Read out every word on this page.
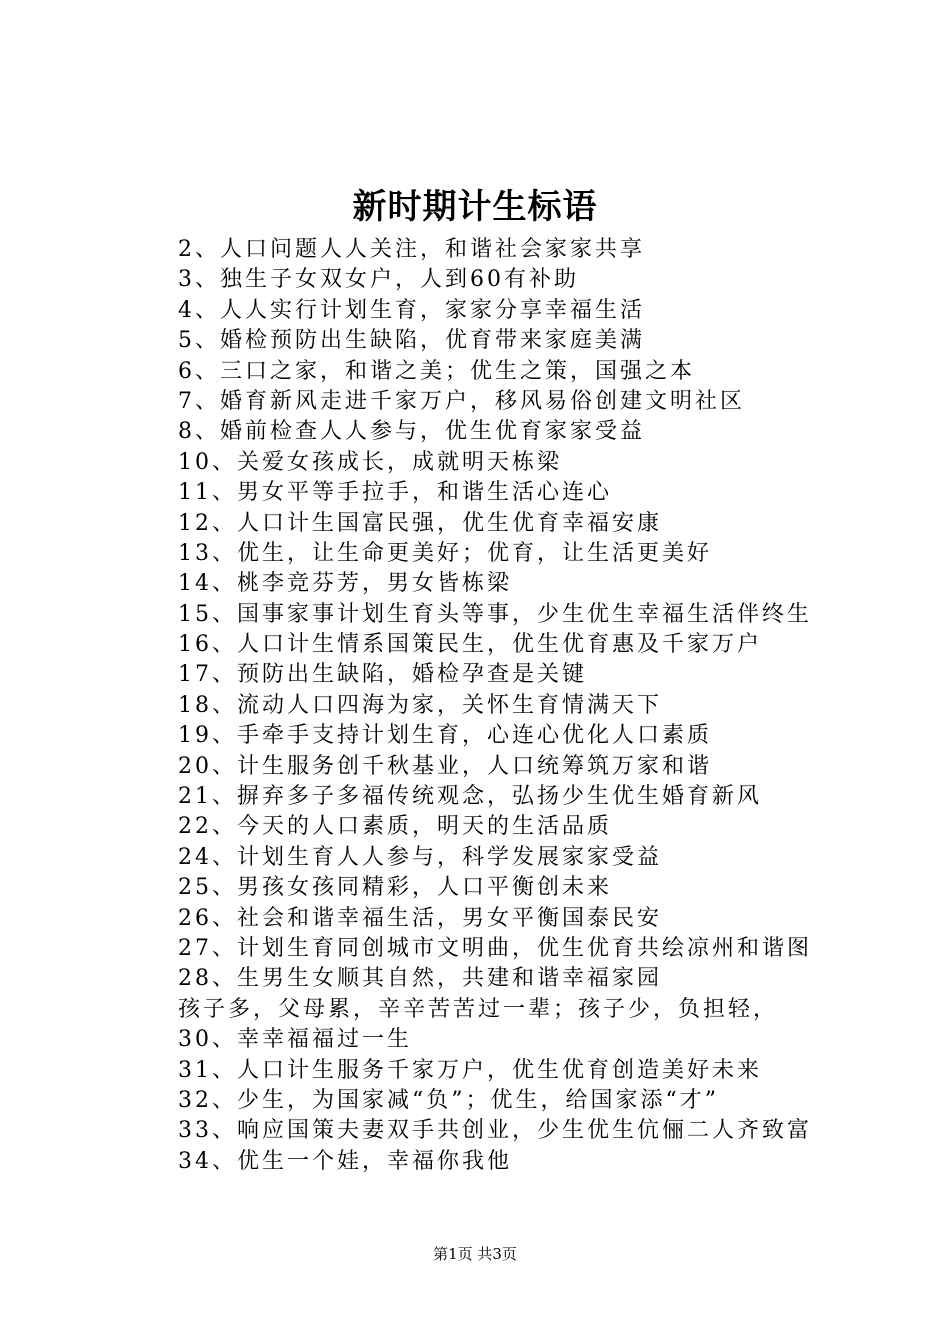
新时期计生标语
2、人口问题人人关注，和谐社会家家共享
3、独生子女双女户，人到60有补助
4、人人实行计划生育，家家分享幸福生活
5、婚检预防出生缺陷，优育带来家庭美满
6、三口之家，和谐之美；优生之策，国强之本
7、婚育新风走进千家万户，移风易俗创建文明社区
8、婚前检查人人参与，优生优育家家受益
10、关爱女孩成长，成就明天栋梁
11、男女平等手拉手，和谐生活心连心
12、人口计生国富民强，优生优育幸福安康
13、优生，让生命更美好；优育，让生活更美好
14、桃李竞芬芳，男女皆栋梁
15、国事家事计划生育头等事，少生优生幸福生活伴终生
16、人口计生情系国策民生，优生优育惠及千家万户
17、预防出生缺陷，婚检孕查是关键
18、流动人口四海为家，关怀生育情满天下
19、手牵手支持计划生育，心连心优化人口素质
20、计生服务创千秋基业，人口统筹筑万家和谐
21、摒弃多子多福传统观念，弘扬少生优生婚育新风
22、今天的人口素质，明天的生活品质
24、计划生育人人参与，科学发展家家受益
25、男孩女孩同精彩，人口平衡创未来
26、社会和谐幸福生活，男女平衡国泰民安
27、计划生育同创城市文明曲，优生优育共绘凉州和谐图
28、生男生女顺其自然，共建和谐幸福家园
孩子多，父母累，辛辛苦苦过一辈；孩子少，负担轻，
30、幸幸福福过一生
31、人口计生服务千家万户，优生优育创造美好未来
32、少生，为国家减“负”；优生，给国家添“才”
33、响应国策夫妻双手共创业，少生优生伉俪二人齐致富
34、优生一个娃，幸福你我他
第1页 共3页
